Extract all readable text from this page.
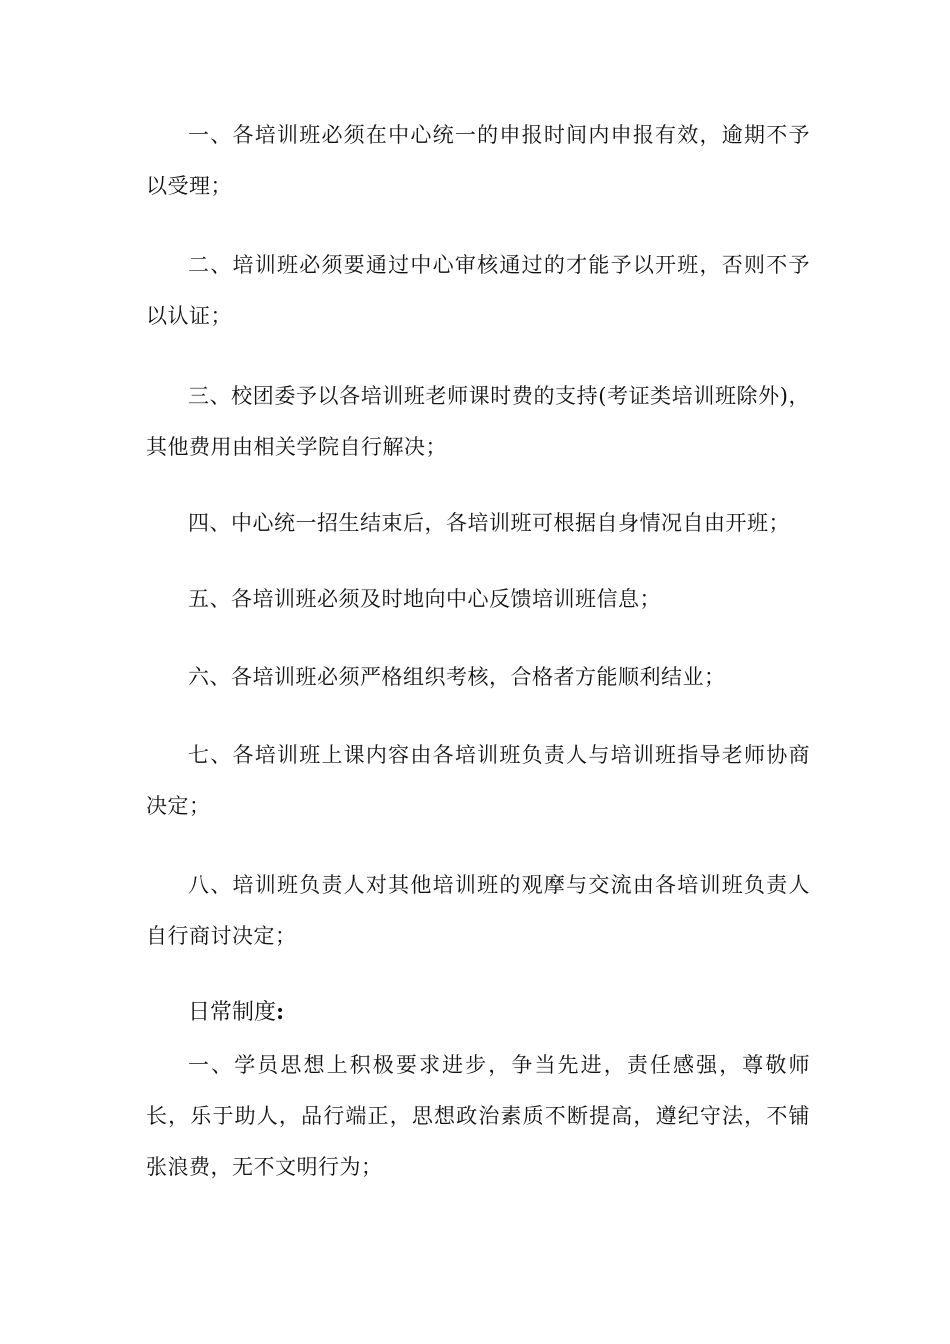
一、各培训班必须在中心统一的申报时间内申报有效，逾期不予以受理；

二、培训班必须要通过中心审核通过的才能予以开班，否则不予以认证；

三、校团委予以各培训班老师课时费的支持(考证类培训班除外)，其他费用由相关学院自行解决；

四、中心统一招生结束后，各培训班可根据自身情况自由开班；

五、各培训班必须及时地向中心反馈培训班信息；

六、各培训班必须严格组织考核，合格者方能顺利结业；

七、各培训班上课内容由各培训班负责人与培训班指导老师协商决定；

八、培训班负责人对其他培训班的观摩与交流由各培训班负责人自行商讨决定；

日常制度:

一、学员思想上积极要求进步，争当先进，责任感强，尊敬师长，乐于助人，品行端正，思想政治素质不断提高，遵纪守法，不铺张浪费，无不文明行为；
